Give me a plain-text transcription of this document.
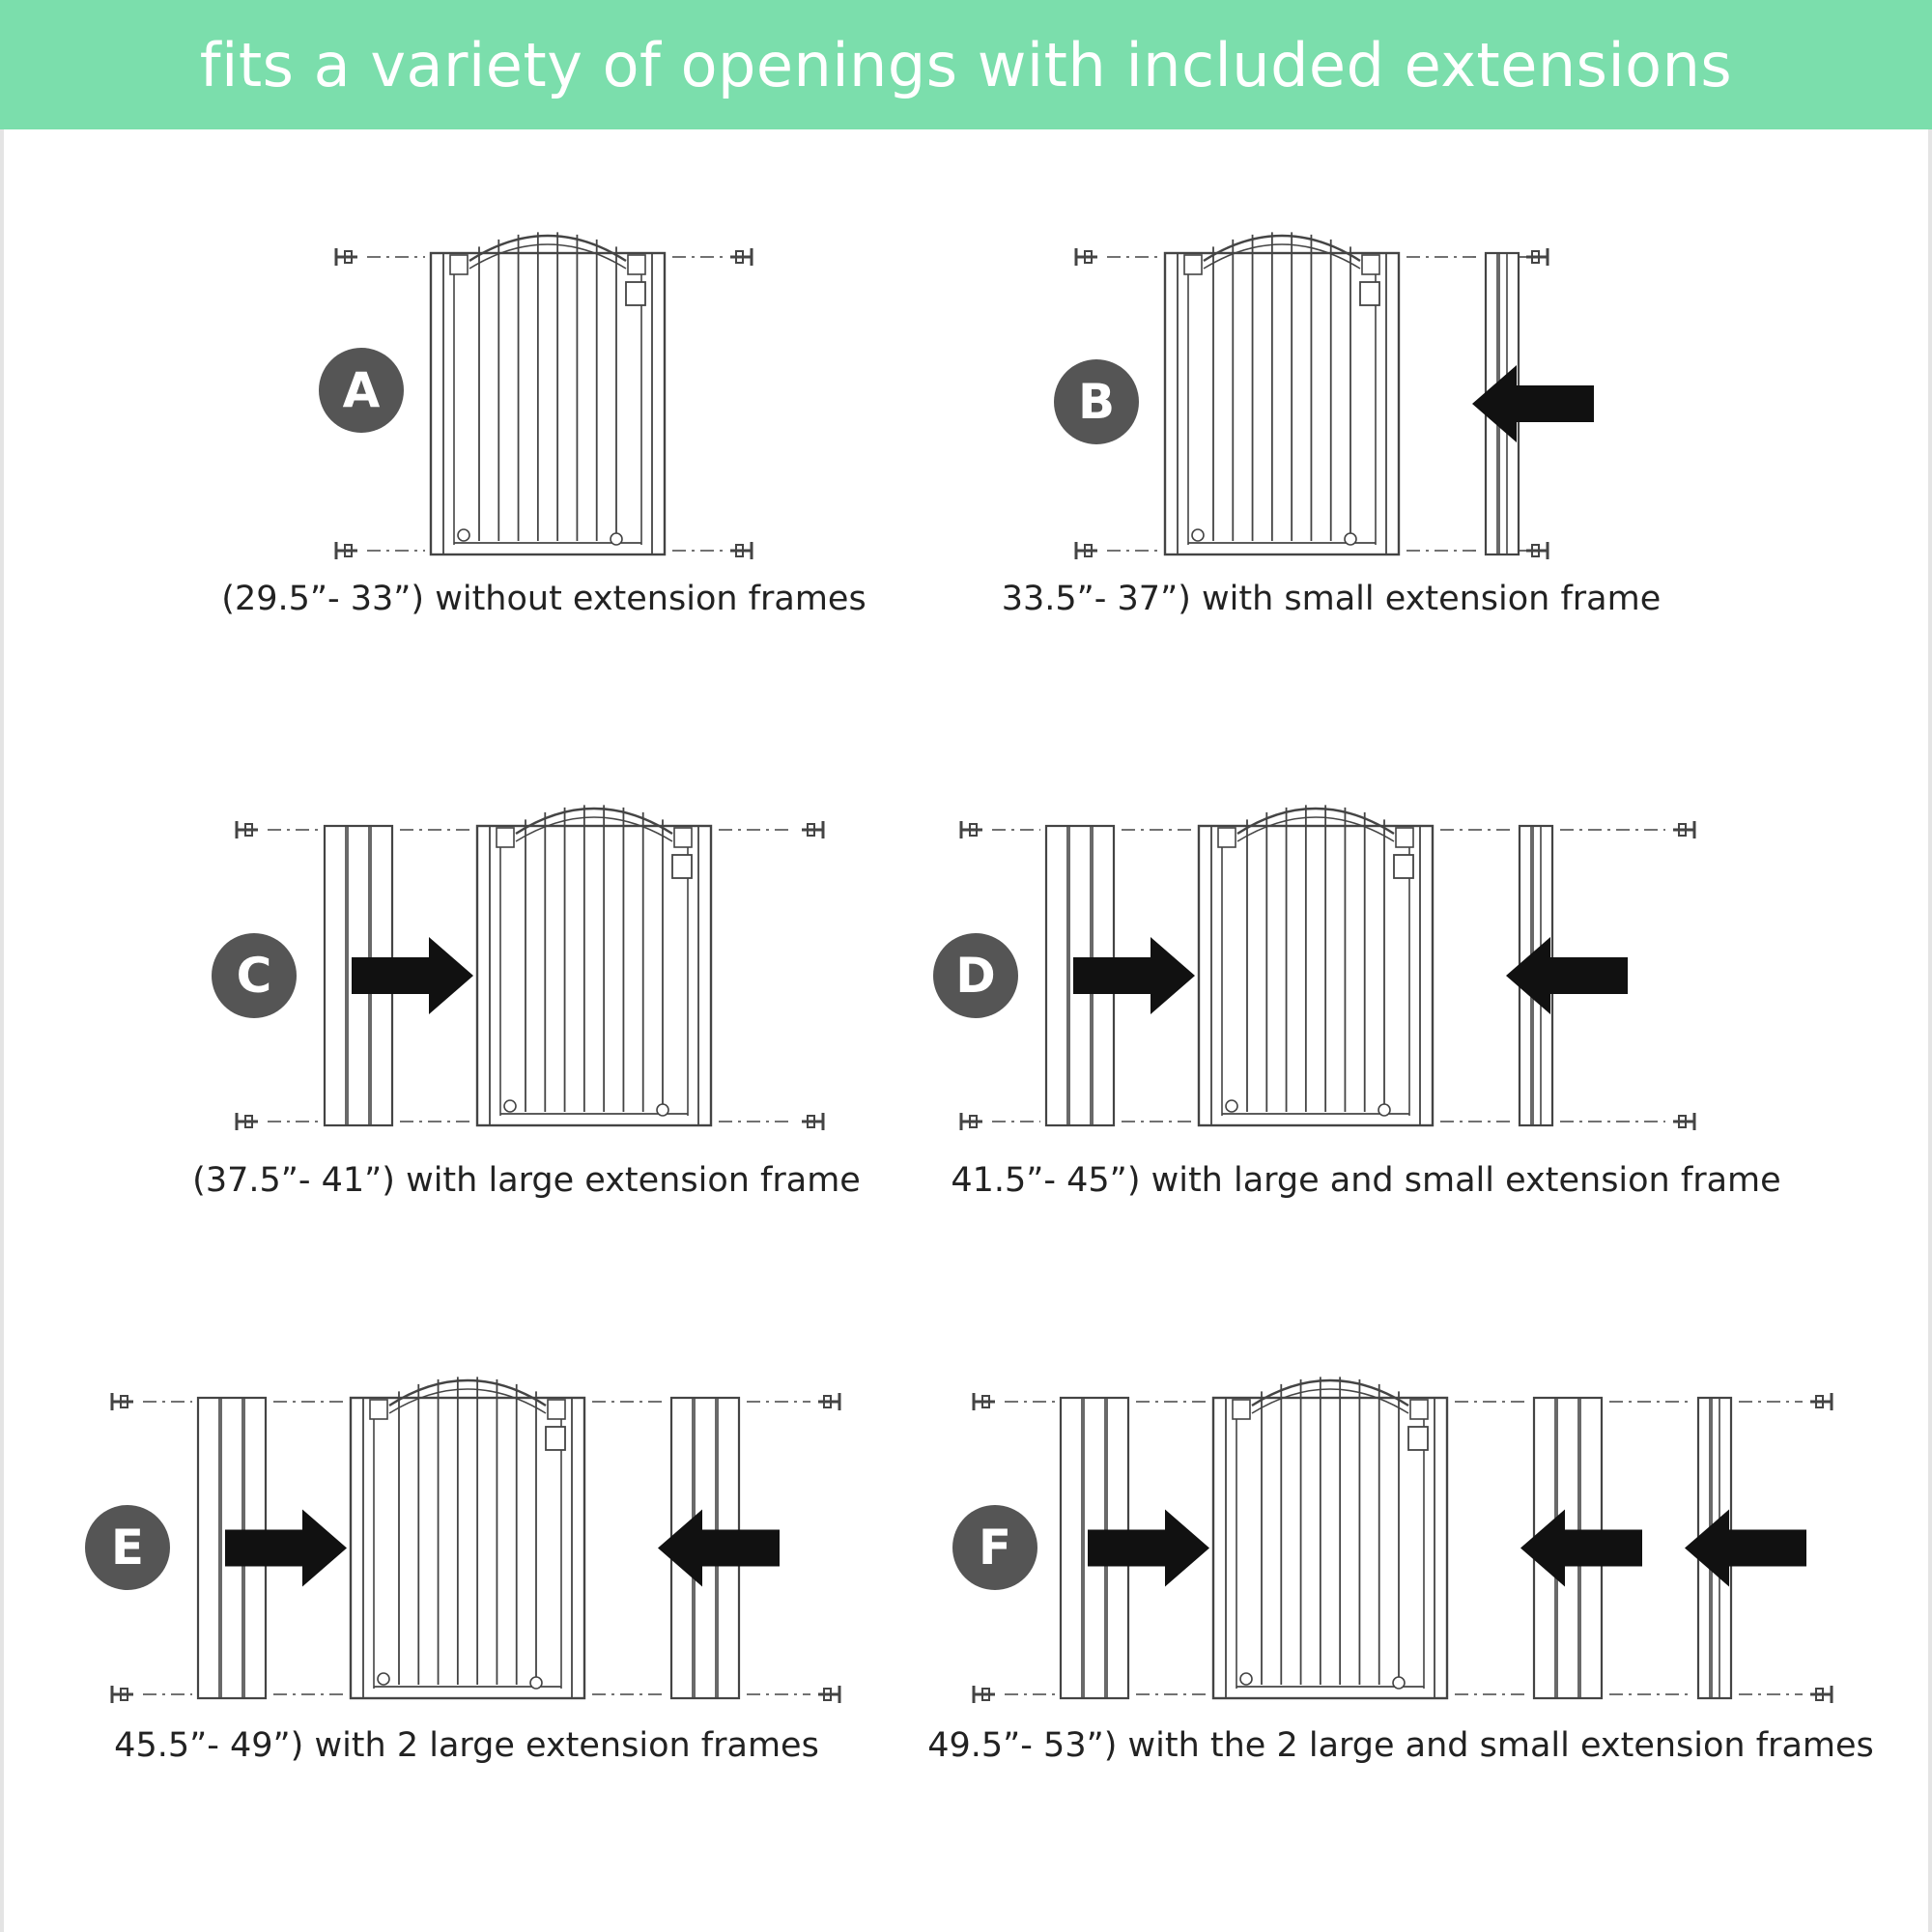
fits a variety of openings with included extensions
A	B
C	D
E	F
(29.5”- 33”) without extension frames	33.5”- 37”) with small extension frame
(37.5”- 41”) with large extension frame	41.5”- 45”) with large and small extension frame
45.5”- 49”) with 2 large extension frames	49.5”- 53”) with the 2 large and small extension frames
